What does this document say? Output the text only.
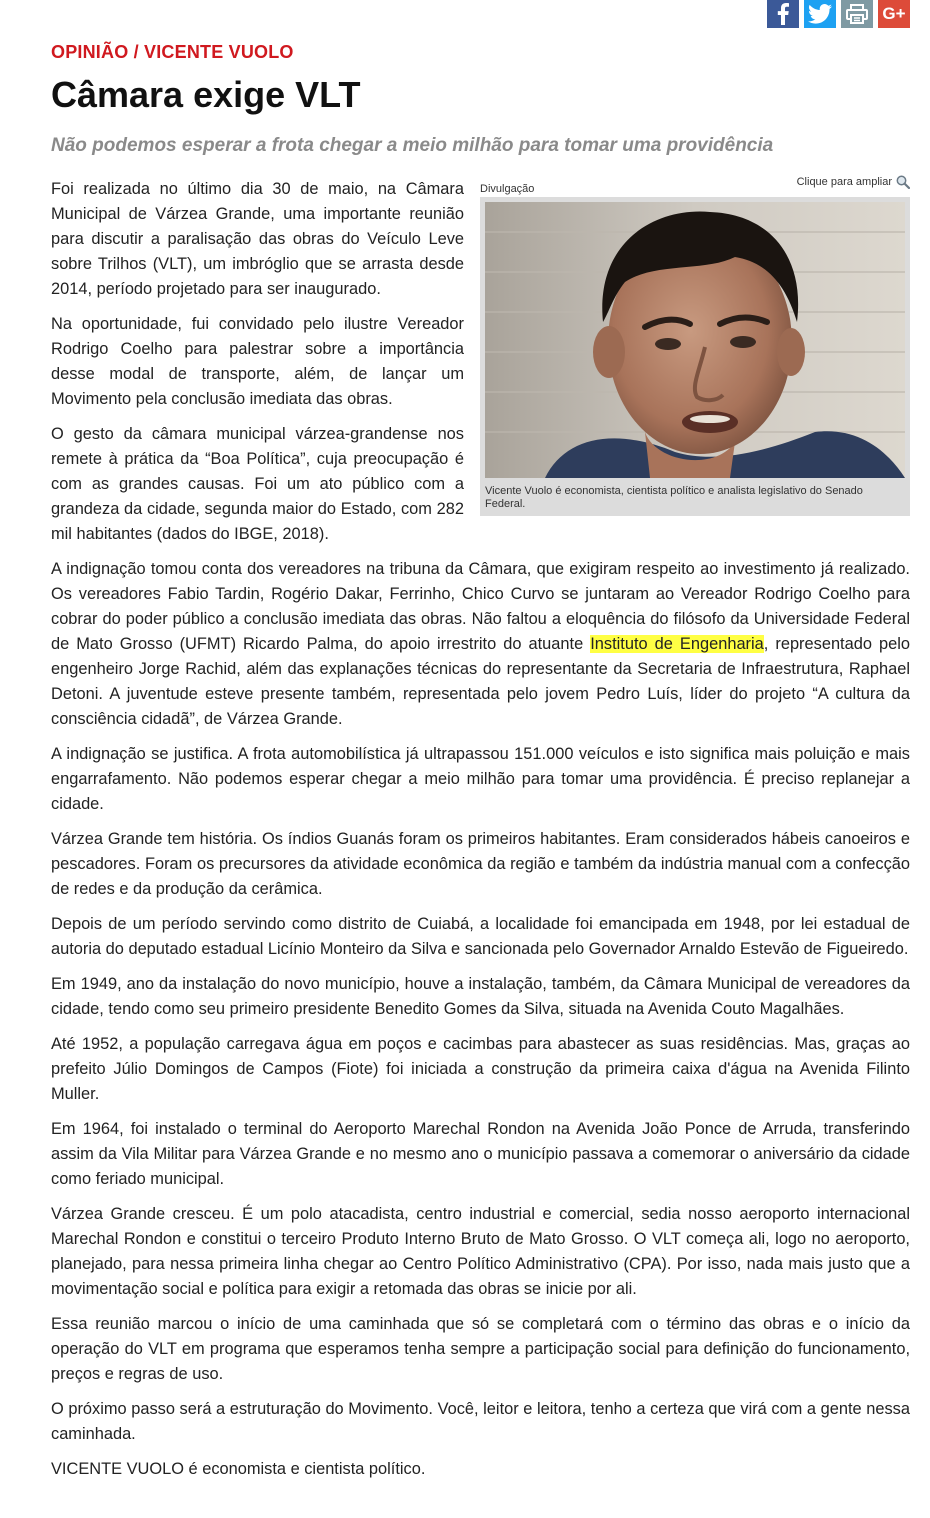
G+
OPINIÃO / VICENTE VUOLO
Câmara exige VLT
Não podemos esperar a frota chegar a meio milhão para tomar uma providência
Divulgação
Clique para ampliar
Vicente Vuolo é economista, cientista político e analista legislativo do Senado Federal.

Foi realizada no último dia 30 de maio, na Câmara Municipal de Várzea Grande, uma importante reunião para discutir a paralisação das obras do Veículo Leve sobre Trilhos (VLT), um imbróglio que se arrasta desde 2014, período projetado para ser inaugurado.

Na oportunidade, fui convidado pelo ilustre Vereador Rodrigo Coelho para palestrar sobre a importância desse modal de transporte, além, de lançar um Movimento pela conclusão imediata das obras.

O gesto da câmara municipal várzea-grandense nos remete à prática da “Boa Política”, cuja preocupação é com as grandes causas. Foi um ato público com a grandeza da cidade, segunda maior do Estado, com 282 mil habitantes (dados do IBGE, 2018).

A indignação tomou conta dos vereadores na tribuna da Câmara, que exigiram respeito ao investimento já realizado. Os vereadores Fabio Tardin, Rogério Dakar, Ferrinho, Chico Curvo se juntaram ao Vereador Rodrigo Coelho para cobrar do poder público a conclusão imediata das obras. Não faltou a eloquência do filósofo da Universidade Federal de Mato Grosso (UFMT) Ricardo Palma, do apoio irrestrito do atuante Instituto de Engenharia, representado pelo engenheiro Jorge Rachid, além das explanações técnicas do representante da Secretaria de Infraestrutura, Raphael Detoni. A juventude esteve presente também, representada pelo jovem Pedro Luís, líder do projeto “A cultura da consciência cidadã”, de Várzea Grande.

A indignação se justifica. A frota automobilística já ultrapassou 151.000 veículos e isto significa mais poluição e mais engarrafamento. Não podemos esperar chegar a meio milhão para tomar uma providência. É preciso replanejar a cidade.

Várzea Grande tem história. Os índios Guanás foram os primeiros habitantes. Eram considerados hábeis canoeiros e pescadores. Foram os precursores da atividade econômica da região e também da indústria manual com a confecção de redes e da produção da cerâmica.

Depois de um período servindo como distrito de Cuiabá, a localidade foi emancipada em 1948, por lei estadual de autoria do deputado estadual Licínio Monteiro da Silva e sancionada pelo Governador Arnaldo Estevão de Figueiredo.

Em 1949, ano da instalação do novo município, houve a instalação, também, da Câmara Municipal de vereadores da cidade, tendo como seu primeiro presidente Benedito Gomes da Silva, situada na Avenida Couto Magalhães.

Até 1952, a população carregava água em poços e cacimbas para abastecer as suas residências. Mas, graças ao prefeito Júlio Domingos de Campos (Fiote) foi iniciada a construção da primeira caixa d'água na Avenida Filinto Muller.

Em 1964, foi instalado o terminal do Aeroporto Marechal Rondon na Avenida João Ponce de Arruda, transferindo assim da Vila Militar para Várzea Grande e no mesmo ano o município passava a comemorar o aniversário da cidade como feriado municipal.

Várzea Grande cresceu. É um polo atacadista, centro industrial e comercial, sedia nosso aeroporto internacional Marechal Rondon e constitui o terceiro Produto Interno Bruto de Mato Grosso. O VLT começa ali, logo no aeroporto, planejado, para nessa primeira linha chegar ao Centro Político Administrativo (CPA). Por isso, nada mais justo que a movimentação social e política para exigir a retomada das obras se inicie por ali.

Essa reunião marcou o início de uma caminhada que só se completará com o término das obras e o início da operação do VLT em programa que esperamos tenha sempre a participação social para definição do funcionamento, preços e regras de uso.

O próximo passo será a estruturação do Movimento. Você, leitor e leitora, tenho a certeza que virá com a gente nessa caminhada.

VICENTE VUOLO é economista e cientista político.
